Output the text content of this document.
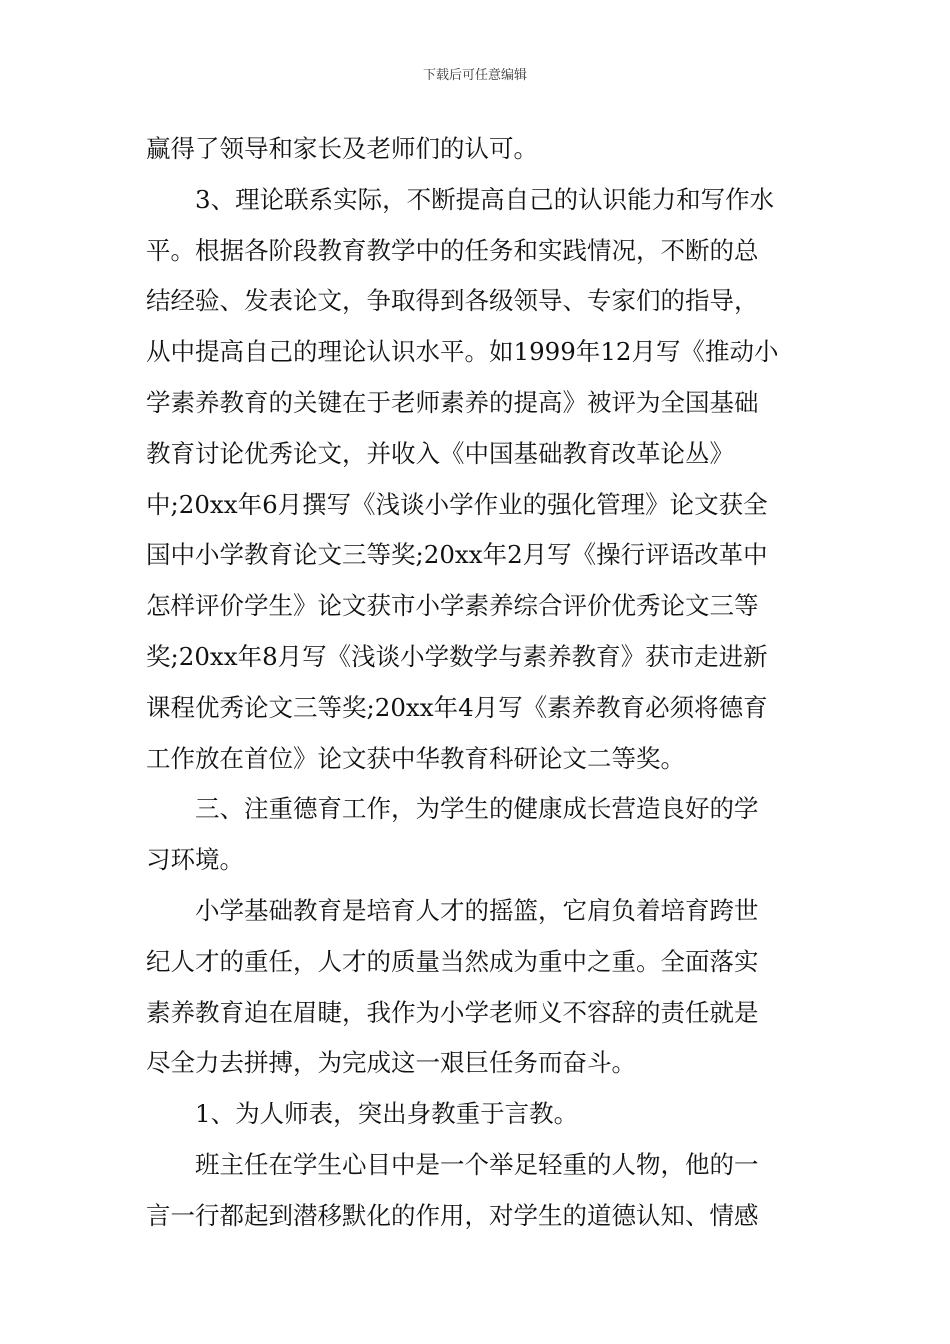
下载后可任意编辑
赢得了领导和家长及老师们的认可。
3、理论联系实际，不断提高自己的认识能力和写作水
平。根据各阶段教育教学中的任务和实践情况，不断的总
结经验、发表论文，争取得到各级领导、专家们的指导，
从中提高自己的理论认识水平。如1999年12月写《推动小
学素养教育的关键在于老师素养的提高》被评为全国基础
教育讨论优秀论文，并收入《中国基础教育改革论丛》
中;20xx年6月撰写《浅谈小学作业的强化管理》论文获全
国中小学教育论文三等奖;20xx年2月写《操行评语改革中
怎样评价学生》论文获市小学素养综合评价优秀论文三等
奖;20xx年8月写《浅谈小学数学与素养教育》获市走进新
课程优秀论文三等奖;20xx年4月写《素养教育必须将德育
工作放在首位》论文获中华教育科研论文二等奖。
三、注重德育工作，为学生的健康成长营造良好的学
习环境。
小学基础教育是培育人才的摇篮，它肩负着培育跨世
纪人才的重任，人才的质量当然成为重中之重。全面落实
素养教育迫在眉睫，我作为小学老师义不容辞的责任就是
尽全力去拼搏，为完成这一艰巨任务而奋斗。
1、为人师表，突出身教重于言教。
班主任在学生心目中是一个举足轻重的人物，他的一
言一行都起到潜移默化的作用，对学生的道德认知、情感
